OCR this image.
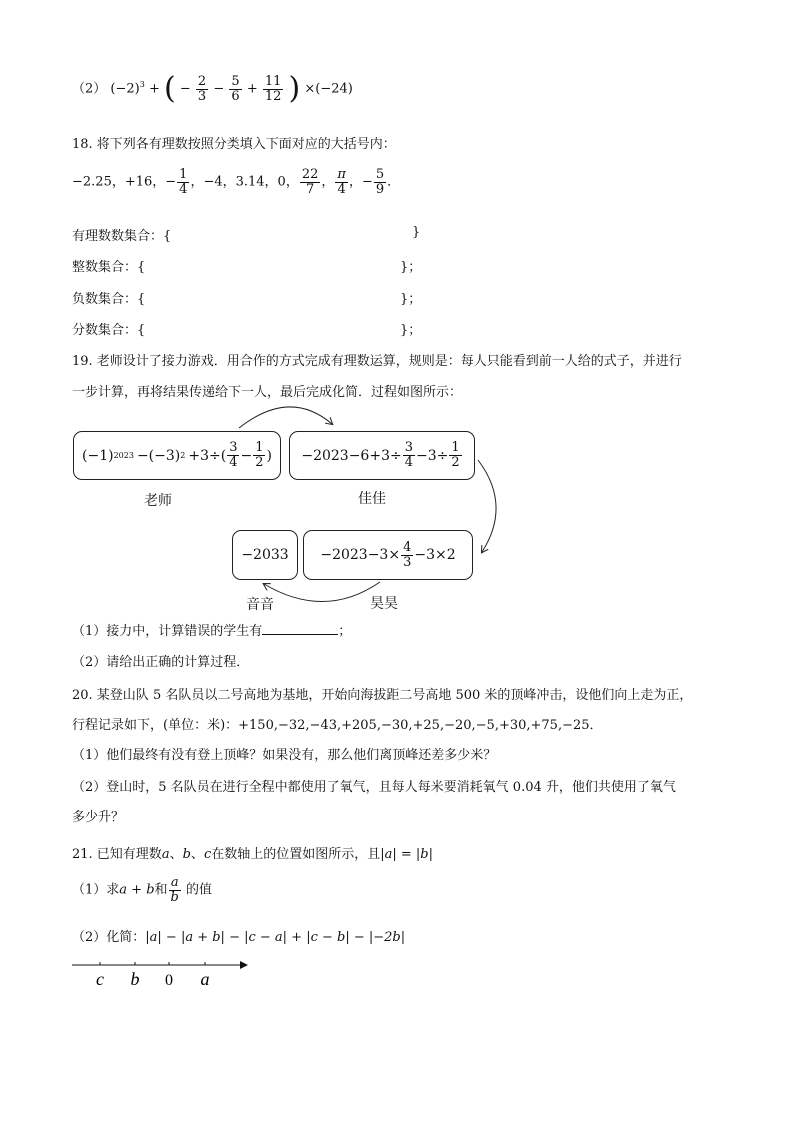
（2） $(-2)^3$ + ( − $\frac{2}{3} - \frac{5}{6} + \frac{11}{12}$ ) ×(−24)
18. 将下列各有理数按照分类填入下面对应的大括号内：
−2.25，+16，− $\frac{1}{4}$ ，−4，3.14，0， $\frac{22}{7}$ ， $\frac{\pi}{4}$ ，− $\frac{5}{9}$ ．
有理数数集合：{	}
整数集合：{	}；
负数集合：{	}；
分数集合：{	}；
19. 老师设计了接力游戏．用合作的方式完成有理数运算，规则是：每人只能看到前一人给的式子，并进行
一步计算，再将结果传递给下一人，最后完成化简．过程如图所示：
(−1) 2023 −(−3) $2 +3\div( \frac{3}{4} - \frac{1}{2}$ ) $-2023-6+3\div \frac{3}{4} -3\div \frac{1}{2}$
$-2023-3\times \frac{4}{3} -3\times 2$
−2033
老师	佳佳
昊昊
音音
（1）接力中，计算错误的学生有	；
（2）请给出正确的计算过程．
20. 某登山队 5 名队员以二号高地为基地，开始向海拔距二号高地 500 米的顶峰冲击，设他们向上走为正，
行程记录如下，(单位：米)：+150,−32,−43,+205,−30,+25,−20,−5,+30,+75,−25．
（1）他们最终有没有登上顶峰？如果没有，那么他们离顶峰还差多少米？
（2）登山时，5 名队员在进行全程中都使用了氧气，且每人每米要消耗氧气 0.04 升，他们共使用了氧气
多少升？
21. 已知有理数a、b、c在数轴上的位置如图所示，且|a| = |b|
（1）求a + b和 $\frac{a}{b}$ 的值
（2）化简：|a| − |a + b| − |c − a| + |c − b| − |−2b|
c b 0 a
